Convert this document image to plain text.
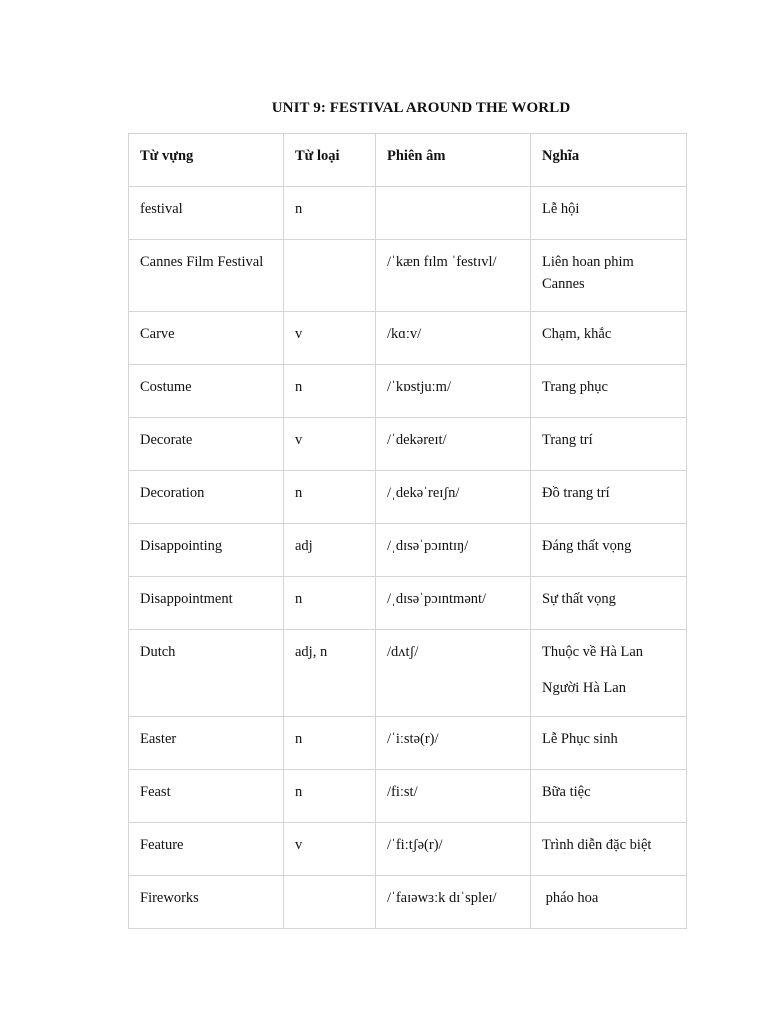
UNIT 9: FESTIVAL AROUND THE WORLD
Từ vựng	Từ loại	Phiên âm	Nghĩa
festival	n		Lễ hội
Cannes Film Festival		/ˈkæn fɪlm ˈfestɪvl/	Liên hoan phim Cannes
Carve	v	/kɑːv/	Chạm, khắc
Costume	n	/ˈkɒstjuːm/	Trang phục
Decorate	v	/ˈdekəreɪt/	Trang trí
Decoration	n	/ˌdekəˈreɪʃn/	Đồ trang trí
Disappointing	adj	/ˌdɪsəˈpɔɪntɪŋ/	Đáng thất vọng
Disappointment	n	/ˌdɪsəˈpɔɪntmənt/	Sự thất vọng
Dutch	adj, n	/dʌtʃ/	Thuộc về Hà Lan
Người Hà Lan

Easter	n	/ˈiːstə(r)/	Lễ Phục sinh
Feast	n	/fiːst/	Bữa tiệc
Feature	v	/ˈfiːtʃə(r)/	Trình diễn đặc biệt
Fireworks		/ˈfaɪəwɜːk dɪˈspleɪ/	pháo hoa
